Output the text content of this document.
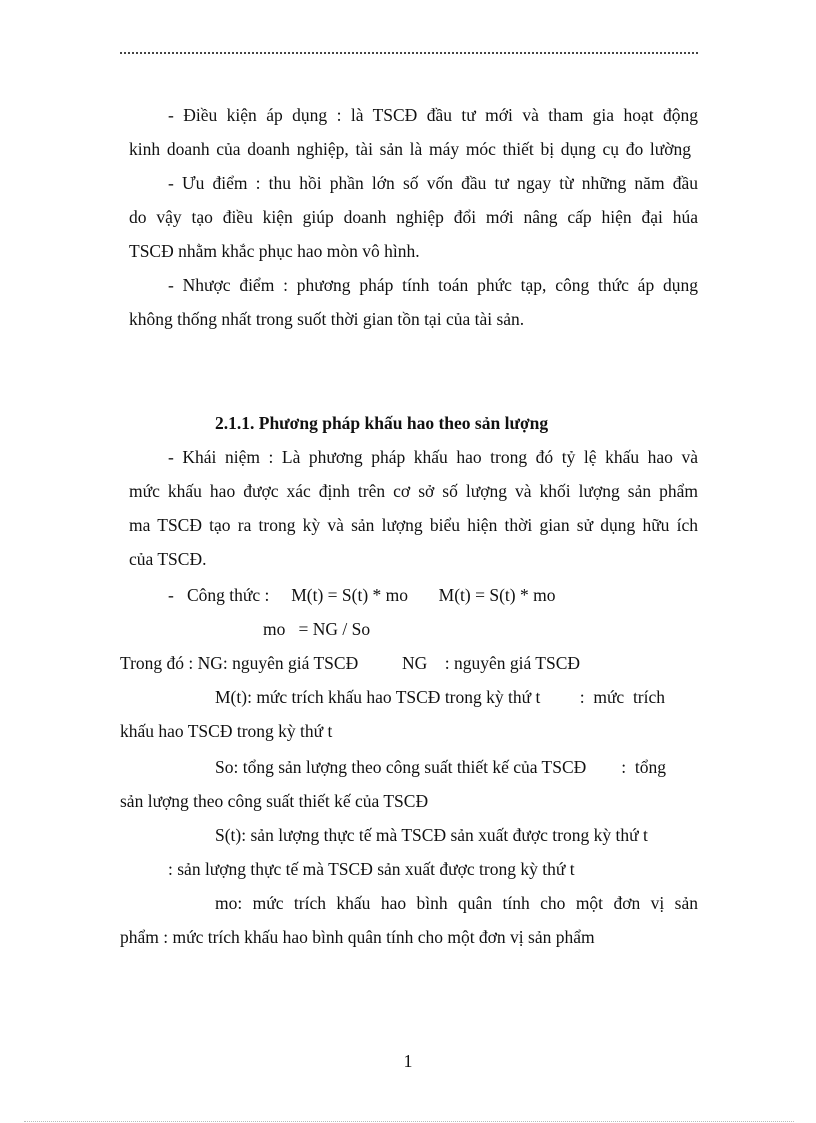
- Điều kiện áp dụng : là TSCĐ đầu tư mới và tham gia hoạt động
kinh doanh của doanh nghiệp, tài sản là máy móc thiết bị dụng cụ đo lường
- Ưu điểm : thu hồi phần lớn số vốn đầu tư ngay từ những năm đầu
do vậy tạo điều kiện giúp doanh nghiệp đổi mới nâng cấp hiện đại húa
TSCĐ nhằm khắc phục hao mòn vô hình.
- Nhược điểm : phương pháp tính toán phức tạp, công thức áp dụng
không thống nhất trong suốt thời gian tồn tại của tài sản.
2.1.1. Phương pháp khấu hao theo sản lượng
- Khái niệm : Là phương pháp khấu hao trong đó tỷ lệ khấu hao và
mức khấu hao được xác định trên cơ sở số lượng và khối lượng sản phẩm
ma TSCĐ tạo ra trong kỳ và sản lượng biểu hiện thời gian sử dụng hữu ích
của TSCĐ.
-   Công thức :     M(t) = S(t) * mo       M(t) = S(t) * mo
mo   = NG / So
Trong đó : NG: nguyên giá TSCĐ          NG    : nguyên giá TSCĐ
M(t): mức trích khấu hao TSCĐ trong kỳ thứ t         :  mức  trích
khấu hao TSCĐ trong kỳ thứ t
So: tổng sản lượng theo công suất thiết kế của TSCĐ        :  tổng
sản lượng theo công suất thiết kế của TSCĐ
S(t): sản lượng thực tế mà TSCĐ sản xuất được trong kỳ thứ t
: sản lượng thực tế mà TSCĐ sản xuất được trong kỳ thứ t
mo: mức trích khấu hao bình quân tính cho một đơn vị sản
phẩm : mức trích khấu hao bình quân tính cho một đơn vị sản phẩm
1
